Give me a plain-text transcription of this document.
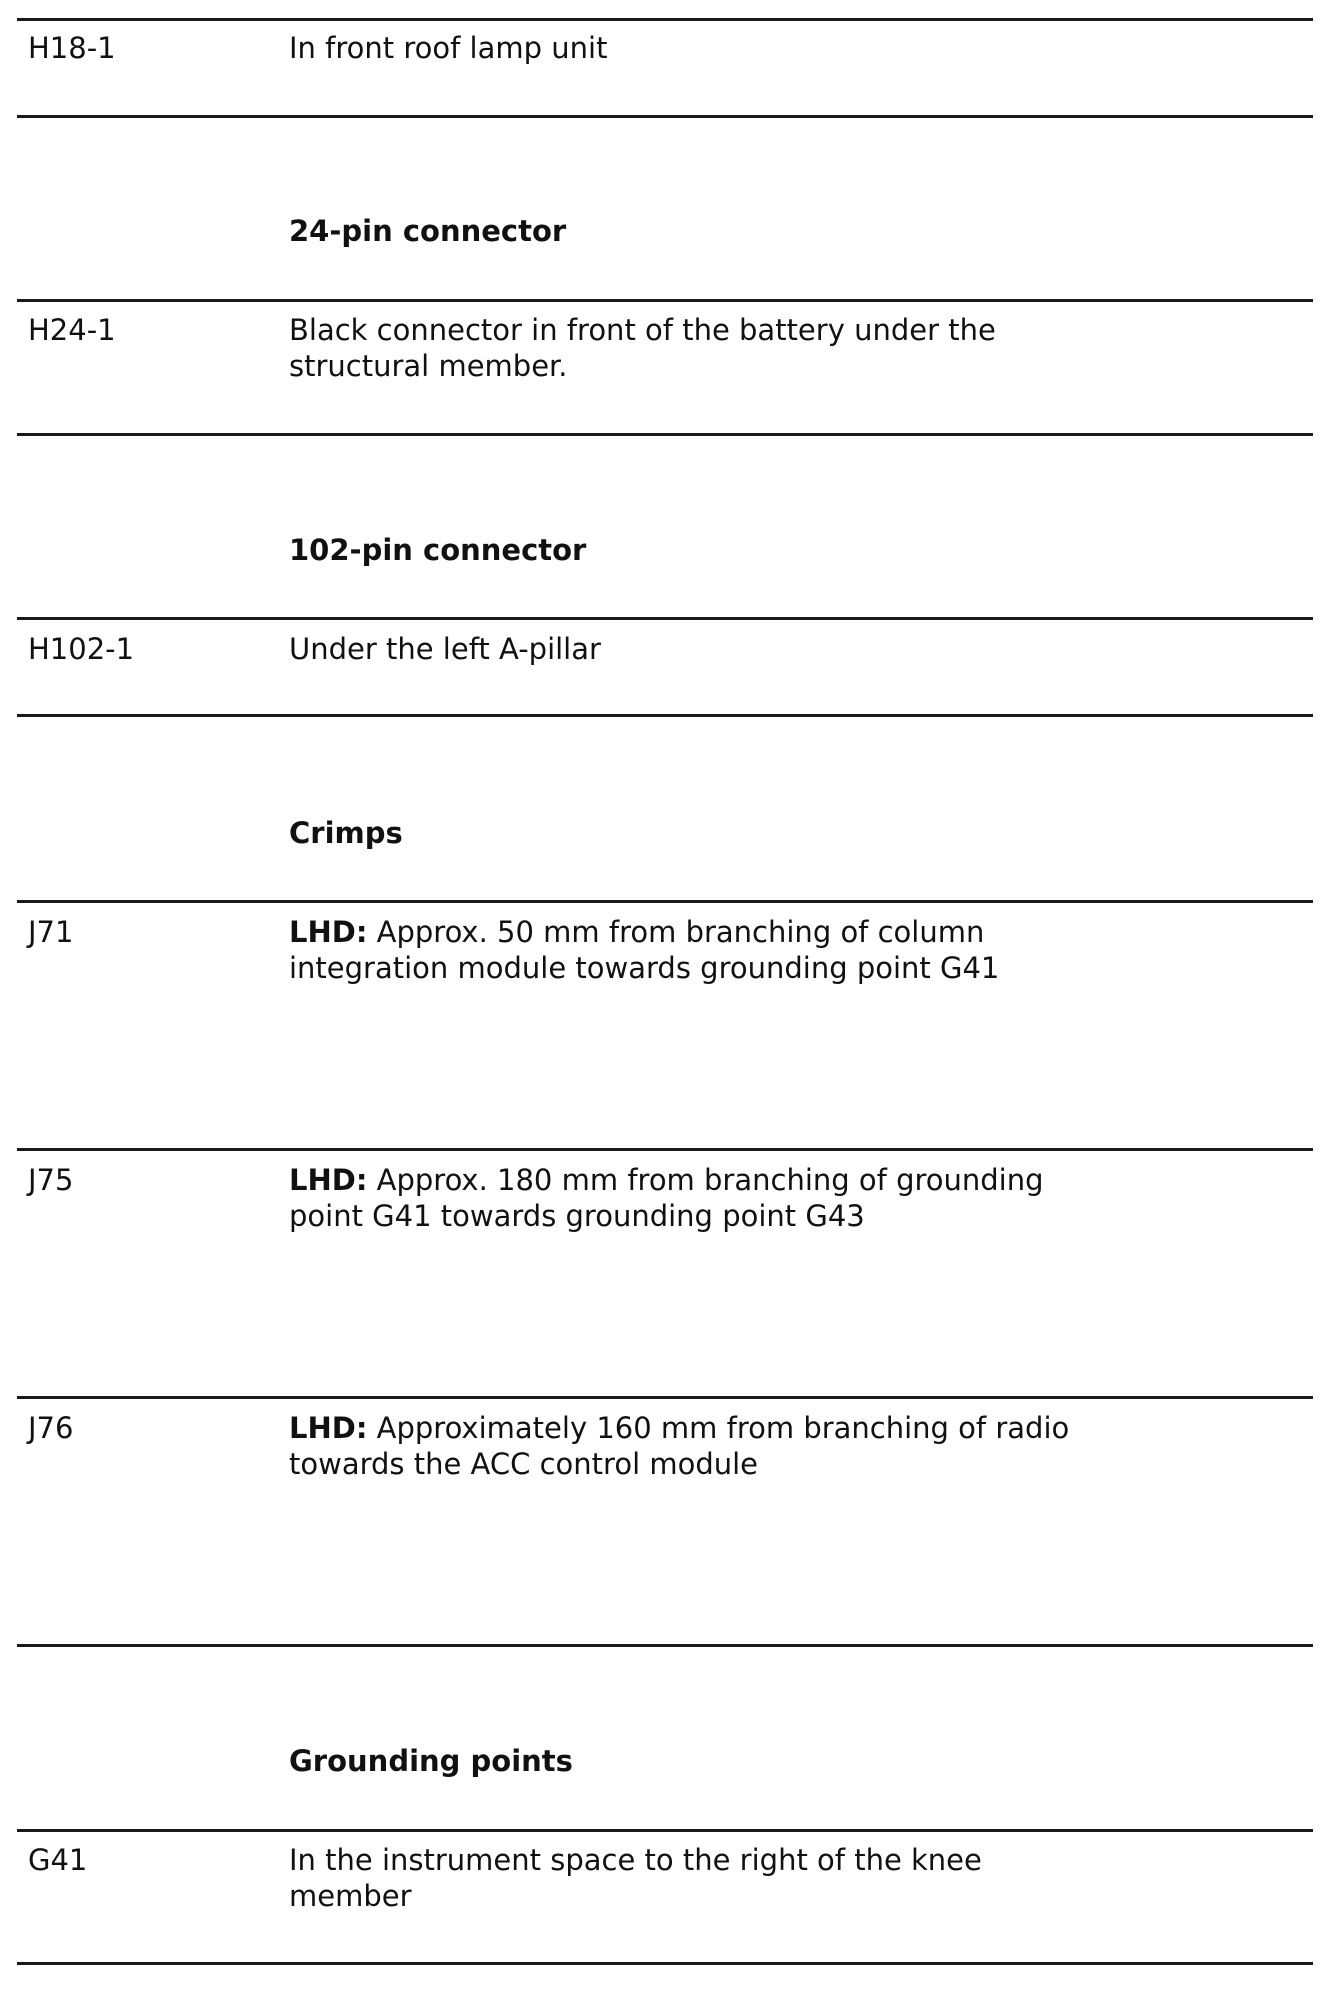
H18-1	In front roof lamp unit
24-pin connector
H24-1	Black connector in front of the battery under the
structural member.
102-pin connector
H102-1	Under the left A-pillar
Crimps
J71	LHD: Approx. 50 mm from branching of column
integration module towards grounding point G41
J75	LHD: Approx. 180 mm from branching of grounding
point G41 towards grounding point G43
J76	LHD: Approximately 160 mm from branching of radio
towards the ACC control module
Grounding points
G41	In the instrument space to the right of the knee
member
